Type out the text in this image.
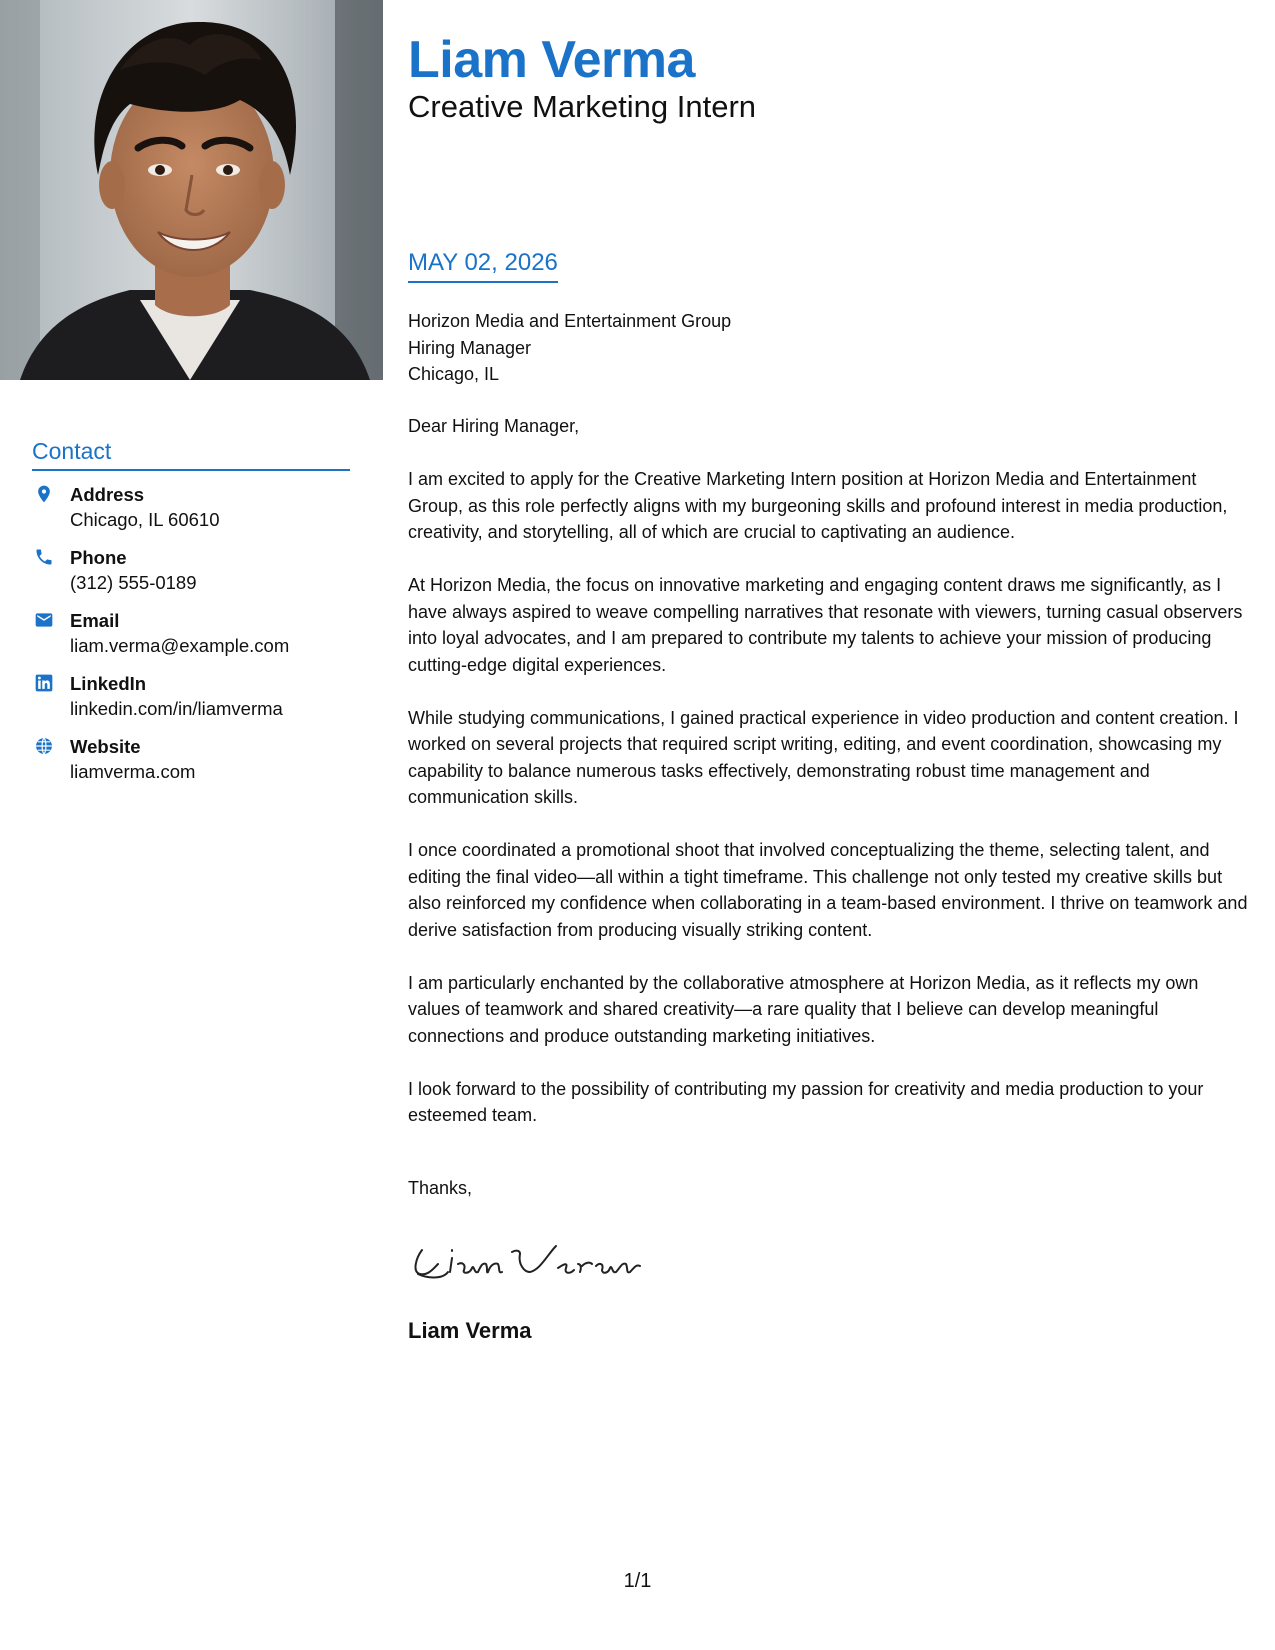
Contact
Address
Chicago, IL 60610
Phone
(312) 555-0189
Email
liam.verma@example.com
LinkedIn
linkedin.com/in/liamverma
Website
liamverma.com
Liam Verma
Creative Marketing Intern
MAY 02, 2026
Horizon Media and Entertainment Group
Hiring Manager
Chicago, IL

Dear Hiring Manager,

I am excited to apply for the Creative Marketing Intern position at Horizon Media and Entertainment Group, as this role perfectly aligns with my burgeoning skills and profound interest in media production, creativity, and storytelling, all of which are crucial to captivating an audience.

At Horizon Media, the focus on innovative marketing and engaging content draws me significantly, as I have always aspired to weave compelling narratives that resonate with viewers, turning casual observers into loyal advocates, and I am prepared to contribute my talents to achieve your mission of producing cutting-edge digital experiences.

While studying communications, I gained practical experience in video production and content creation. I worked on several projects that required script writing, editing, and event coordination, showcasing my capability to balance numerous tasks effectively, demonstrating robust time management and communication skills.

I once coordinated a promotional shoot that involved conceptualizing the theme, selecting talent, and editing the final video—all within a tight timeframe. This challenge not only tested my creative skills but also reinforced my confidence when collaborating in a team-based environment. I thrive on teamwork and derive satisfaction from producing visually striking content.

I am particularly enchanted by the collaborative atmosphere at Horizon Media, as it reflects my own values of teamwork and shared creativity—a rare quality that I believe can develop meaningful connections and produce outstanding marketing initiatives.

I look forward to the possibility of contributing my passion for creativity and media production to your esteemed team.

Thanks,
Liam Verma
1/1
